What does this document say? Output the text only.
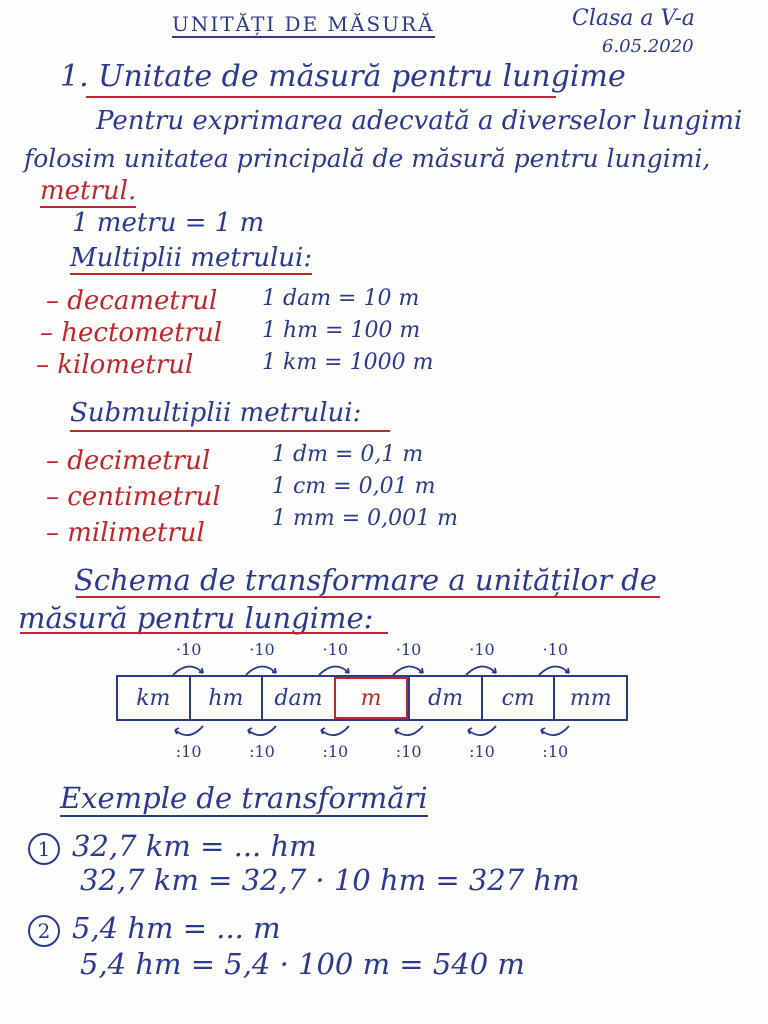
UNITĂȚI DE MĂSURĂ	Clasa a V-a
6.05.2020
1. Unitate de măsură pentru lungime
Pentru exprimarea adecvată a diverselor lungimi
folosim unitatea principală de măsură pentru lungimi,
metrul.
1 metru = 1 m
Multiplii metrului:
– decametrul 1 dam = 10 m
– hectometrul 1 hm = 100 m
– kilometrul	1 km = 1000 m
Submultiplii metrului:
– decimetrul	1 dm = 0,1 m
– centimetrul 1 cm = 0,01 m
– milimetrul	1 mm = 0,001 m
Schema de transformare a unităților de
măsură pentru lungime:
·10	·10	·10	·10	·10	·10
km	hm	dam	m	dm	cm	mm
:10	:10	:10	:10	:10	:10
Exemple de transformări
1 32,7 km = ... hm
32,7 km = 32,7 · 10 hm = 327 hm
2 5,4 hm = ... m
5,4 hm = 5,4 · 100 m = 540 m
